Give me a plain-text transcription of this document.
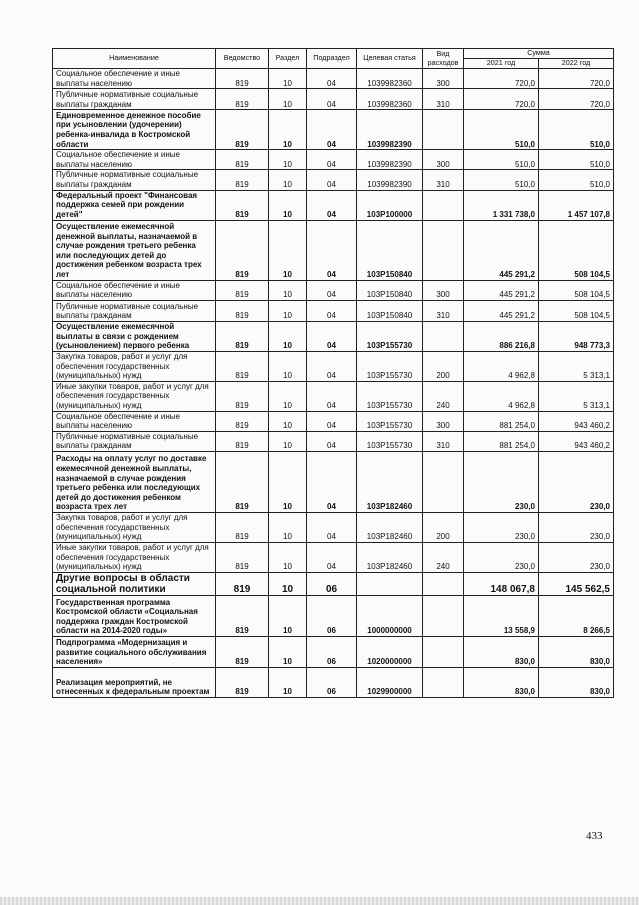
Наименование	Ведомство	Раздел	Подраздел	Целевая статья	Вид расходов	Сумма	
						2021 год	2022 год
Социальное обеспечение и иные выплаты населению	819	10	04	1039982360	300	720,0	720,0
Публичные нормативные социальные выплаты гражданам	819	10	04	1039982360	310	720,0	720,0
Единовременное денежное пособие при усыновлении (удочерении) ребенка-инвалида в Костромской области	819	10	04	1039982390		510,0	510,0
Социальное обеспечение и иные выплаты населению	819	10	04	1039982390	300	510,0	510,0
Публичные нормативные социальные выплаты гражданам	819	10	04	1039982390	310	510,0	510,0
Федеральный проект "Финансовая поддержка семей при рождении детей"	819	10	04	103P100000		1 331 738,0	1 457 107,8
Осуществление ежемесячной денежной выплаты, назначаемой в случае рождения третьего ребенка или последующих детей до достижения ребенком возраста трех лет	819	10	04	103P150840		445 291,2	508 104,5
Социальное обеспечение и иные выплаты населению	819	10	04	103P150840	300	445 291,2	508 104,5
Публичные нормативные социальные выплаты гражданам	819	10	04	103P150840	310	445 291,2	508 104,5
Осуществление ежемесячной выплаты в связи с рождением (усыновлением) первого ребенка	819	10	04	103P155730		886 216,8	948 773,3
Закупка товаров, работ и услуг для обеспечения государственных (муниципальных) нужд	819	10	04	103P155730	200	4 962,8	5 313,1
Иные закупки товаров, работ и услуг для обеспечения государственных (муниципальных) нужд	819	10	04	103P155730	240	4 962,8	5 313,1
Социальное обеспечение и иные выплаты населению	819	10	04	103P155730	300	881 254,0	943 460,2
Публичные нормативные социальные выплаты гражданам	819	10	04	103P155730	310	881 254,0	943 460,2
Расходы на оплату услуг по доставке ежемесячной денежной выплаты, назначаемой в случае рождения третьего ребенка или последующих детей до достижения ребенком возраста трех лет	819	10	04	103P182460		230,0	230,0
Закупка товаров, работ и услуг для обеспечения государственных (муниципальных) нужд	819	10	04	103P182460	200	230,0	230,0
Иные закупки товаров, работ и услуг для обеспечения государственных (муниципальных) нужд	819	10	04	103P182460	240	230,0	230,0
Другие вопросы в области социальной политики	819	10	06			148 067,8	145 562,5
Государственная программа Костромской области «Социальная поддержка граждан Костромской области на 2014-2020 годы»	819	10	06	1000000000		13 558,9	8 266,5
Подпрограмма «Модернизация и развитие социального обслуживания населения»	819	10	06	1020000000		830,0	830,0
Реализация мероприятий, не отнесенных к федеральным проектам	819	10	06	1029900000		830,0	830,0
433
